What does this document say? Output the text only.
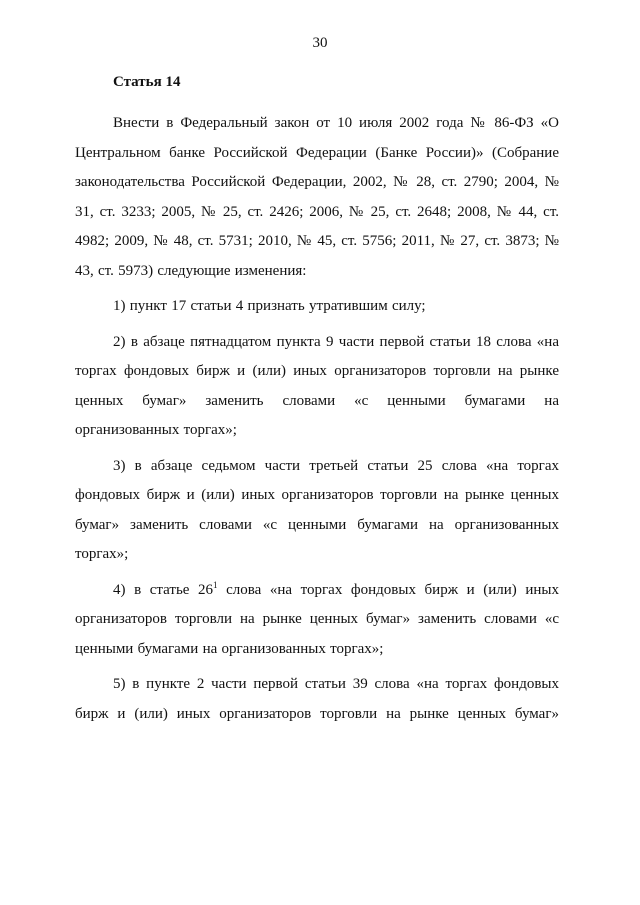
30
Статья 14

Внести в Федеральный закон от 10 июля 2002 года № 86-ФЗ «О Центральном банке Российской Федерации (Банке России)» (Собрание законодательства Российской Федерации, 2002, № 28, ст. 2790; 2004, № 31, ст. 3233; 2005, № 25, ст. 2426; 2006, № 25, ст. 2648; 2008, № 44, ст. 4982; 2009, № 48, ст. 5731; 2010, № 45, ст. 5756; 2011, № 27, ст. 3873; № 43, ст. 5973) следующие изменения:

1) пункт 17 статьи 4 признать утратившим силу;

2) в абзаце пятнадцатом пункта 9 части первой статьи 18 слова «на торгах фондовых бирж и (или) иных организаторов торговли на рынке ценных бумаг» заменить словами «с ценными бумагами на организованных торгах»;

3) в абзаце седьмом части третьей статьи 25 слова «на торгах фондовых бирж и (или) иных организаторов торговли на рынке ценных бумаг» заменить словами «с ценными бумагами на организованных торгах»;

4) в статье $26^1$ слова «на торгах фондовых бирж и (или) иных организаторов торговли на рынке ценных бумаг» заменить словами «с ценными бумагами на организованных торгах»;

5) в пункте 2 части первой статьи 39 слова «на торгах фондовых бирж и (или) иных организаторов торговли на рынке ценных бумаг»
